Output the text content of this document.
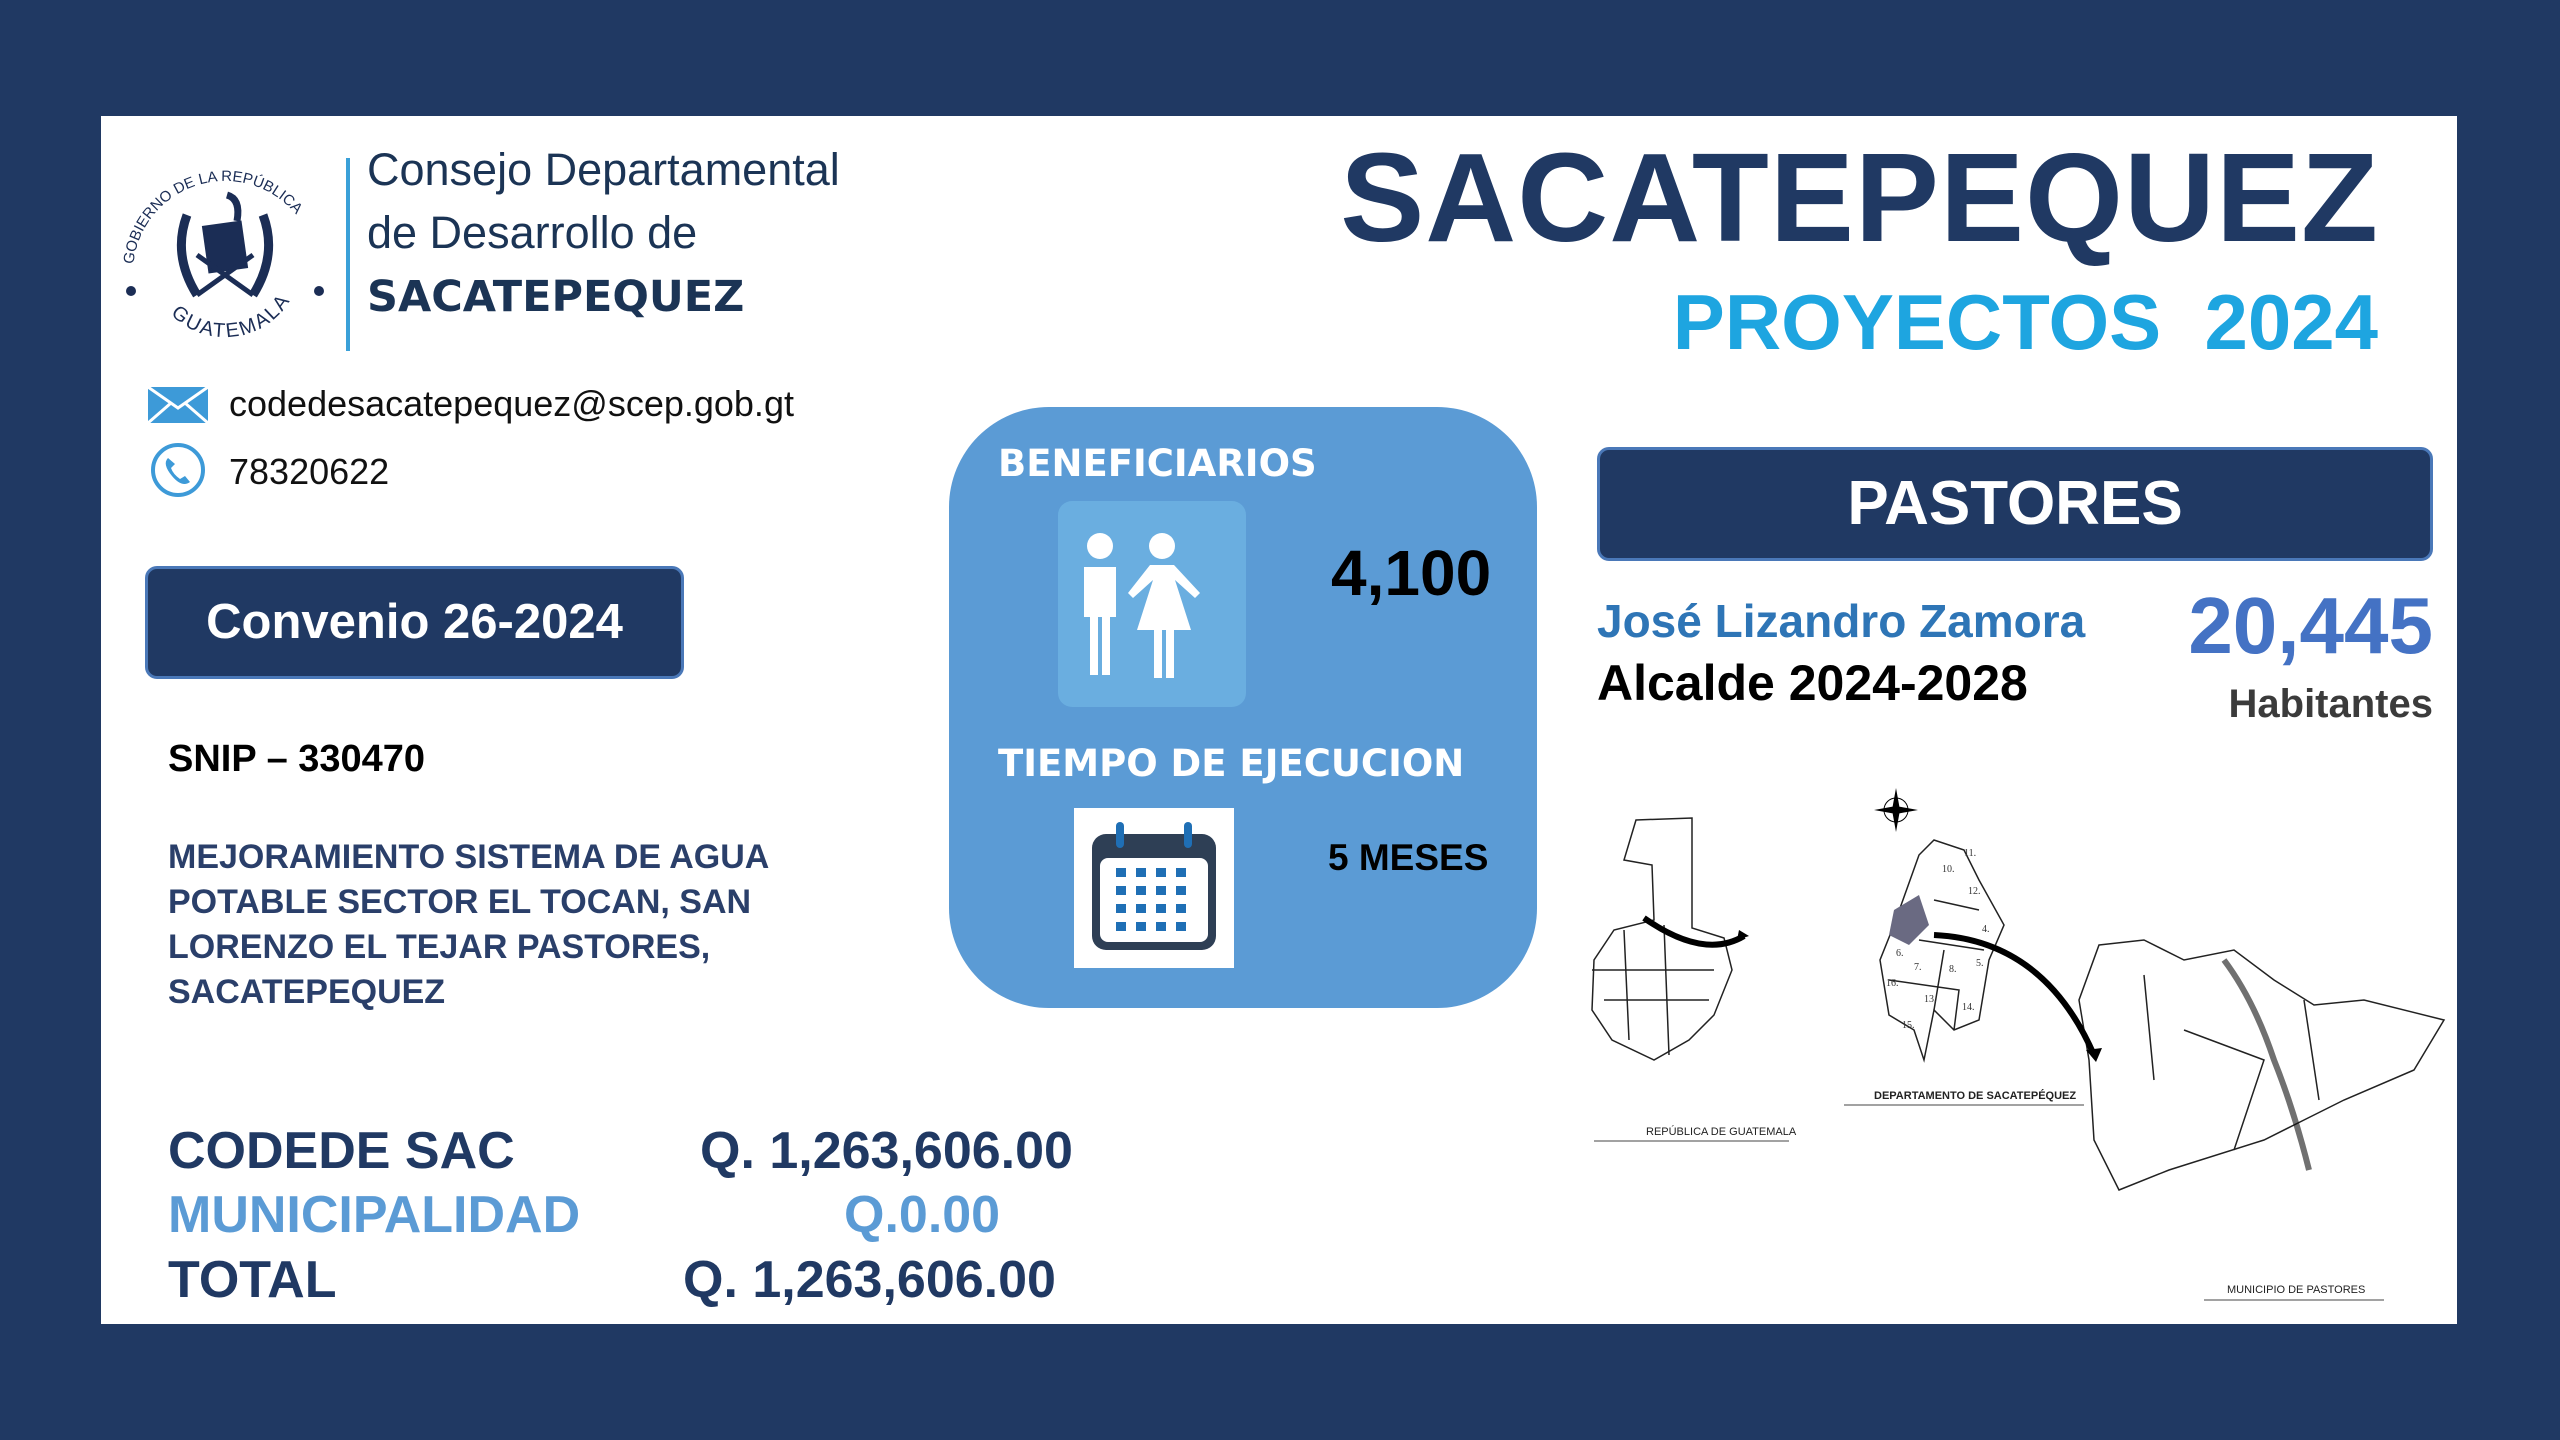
GOBIERNO DE LA REPÚBLICA
GUATEMALA
Consejo Departamental
de Desarrollo de
SACATEPEQUEZ
codedesacatepequez@scep.gob.gt
78320622
Convenio 26-2024
SNIP – 330470
MEJORAMIENTO SISTEMA DE AGUA POTABLE SECTOR EL TOCAN, SAN LORENZO EL TEJAR PASTORES, SACATEPEQUEZ
CODEDE SAC	Q. 1,263,606.00
MUNICIPALIDAD	Q.0.00
TOTAL	Q. 1,263,606.00
BENEFICIARIOS
4,100
TIEMPO DE EJECUCION
5 MESES
SACATEPEQUEZ
PROYECTOS  2024
PASTORES
José Lizandro Zamora
Alcalde 2024-2028
20,445
Habitantes
10.
11.
12.
4.
5.
6.
7.	8.
13.
14.
15.
16.
REPÚBLICA DE GUATEMALA
DEPARTAMENTO DE SACATEPÉQUEZ
MUNICIPIO DE PASTORES
